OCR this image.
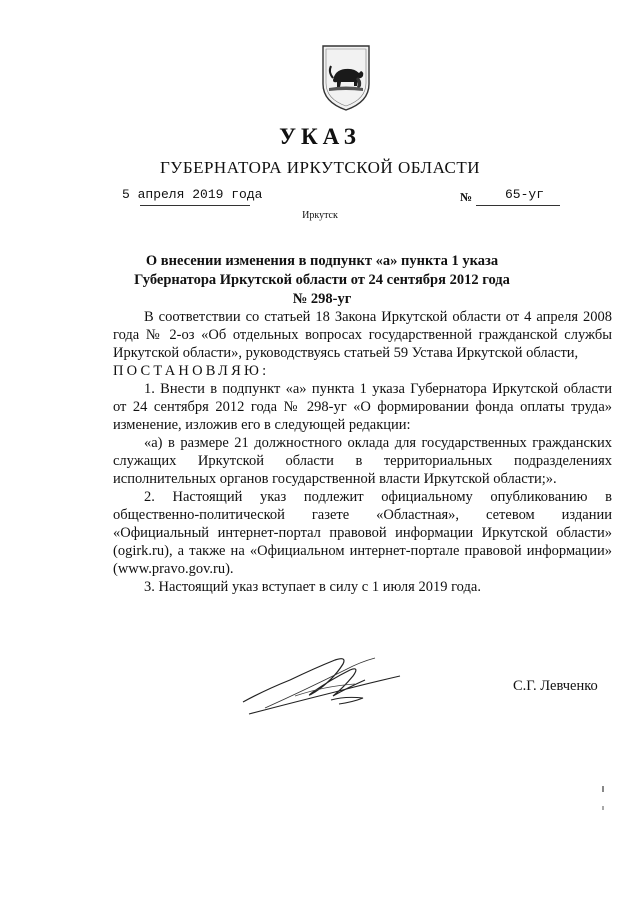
УКАЗ
ГУБЕРНАТОРА ИРКУТСКОЙ ОБЛАСТИ
5 апреля 2019 года	№	65-уг
Иркутск
О внесении изменения в подпункт «а» пункта 1 указа Губернатора Иркутской области от 24 сентября 2012 года № 298-уг

В соответствии со статьей 18 Закона Иркутской области от 4 апреля 2008 года № 2-оз «Об отдельных вопросах государственной гражданской службы Иркутской области», руководствуясь статьей 59 Устава Иркутской области,

ПОСТАНОВЛЯЮ:

1. Внести в подпункт «а» пункта 1 указа Губернатора Иркутской области от 24 сентября 2012 года № 298-уг «О формировании фонда оплаты труда» изменение, изложив его в следующей редакции:

«а) в размере 21 должностного оклада для государственных гражданских служащих Иркутской области в территориальных подразделениях исполнительных органов государственной власти Иркутской области;».

2. Настоящий указ подлежит официальному опубликованию в общественно-политической газете «Областная», сетевом издании «Официальный интернет-портал правовой информации Иркутской области» (ogirk.ru), а также на «Официальном интернет-портале правовой информации» (www.pravo.gov.ru).

3. Настоящий указ вступает в силу с 1 июля 2019 года.

С.Г. Левченко
